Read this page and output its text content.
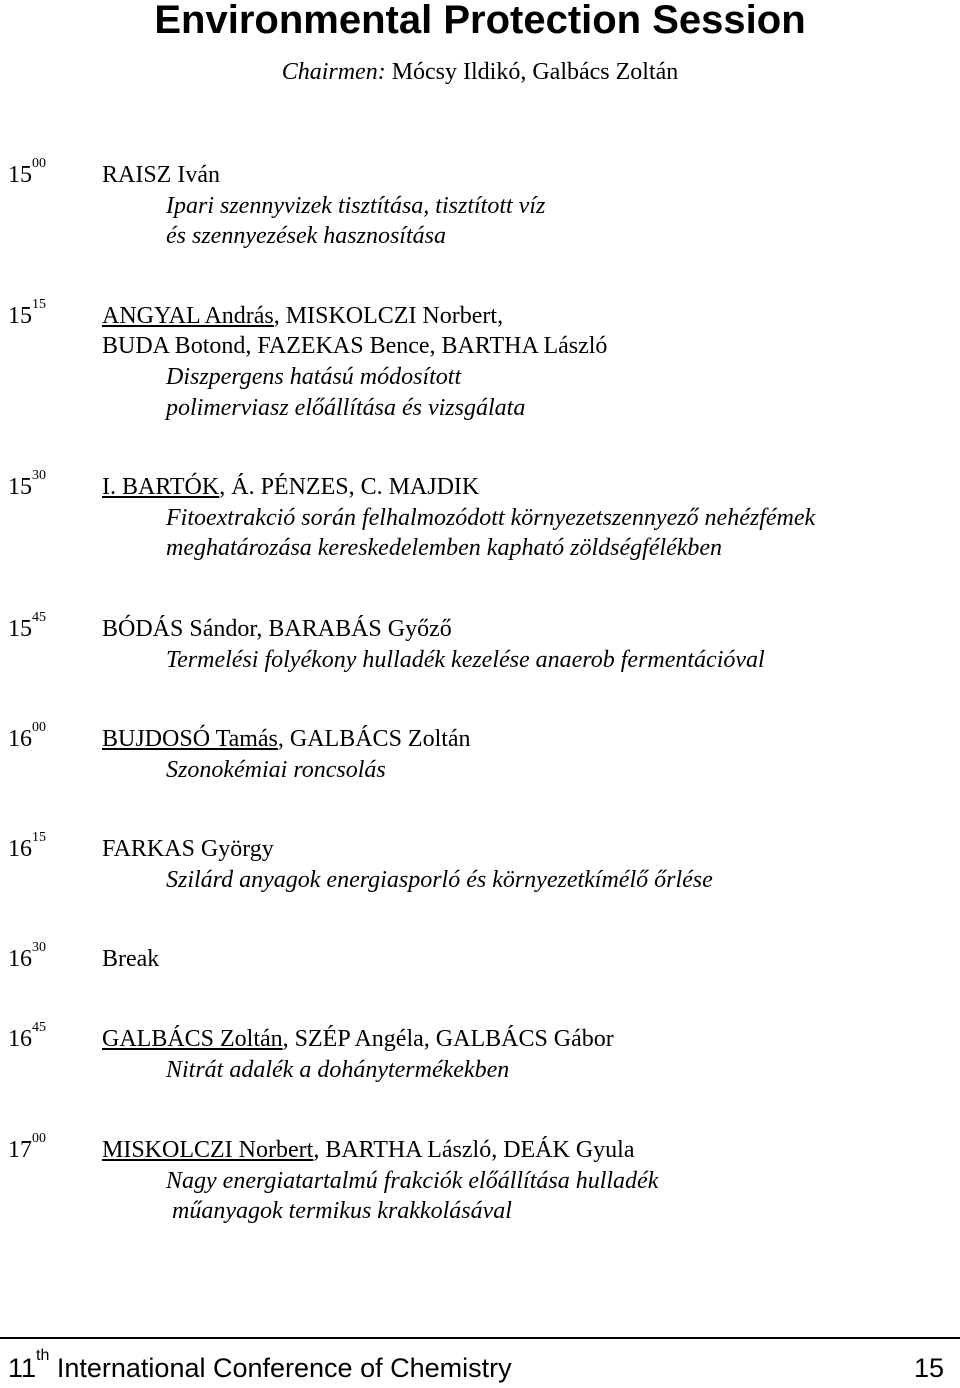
Environmental Protection Session
Chairmen: Mócsy Ildikó, Galbács Zoltán
$15^{00}$ RAISZ Iván
Ipari szennyvizek tisztítása, tisztított víz
és szennyezések hasznosítása
$15^{15}$ ANGYAL András, MISKOLCZI Norbert,
BUDA Botond, FAZEKAS Bence, BARTHA László
Diszpergens hatású módosított
polimerviasz előállítása és vizsgálata
$15^{30}$ I. BARTÓK, Á. PÉNZES, C. MAJDIK
Fitoextrakció során felhalmozódott környezetszennyező nehézfémek
meghatározása kereskedelemben kapható zöldségfélékben
$15^{45}$ BÓDÁS Sándor, BARABÁS Győző
Termelési folyékony hulladék kezelése anaerob fermentációval
$16^{00}$ BUJDOSÓ Tamás, GALBÁCS Zoltán
Szonokémiai roncsolás
$16^{15}$ FARKAS György
Szilárd anyagok energiasporló és környezetkímélő őrlése
$16^{30}$ Break
$16^{45}$ GALBÁCS Zoltán, SZÉP Angéla, GALBÁCS Gábor
Nitrát adalék a dohánytermékekben
$17^{00}$ MISKOLCZI Norbert, BARTHA László, DEÁK Gyula
Nagy energiatartalmú frakciók előállítása hulladék
műanyagok termikus krakkolásával
11th International Conference of Chemistry	15
